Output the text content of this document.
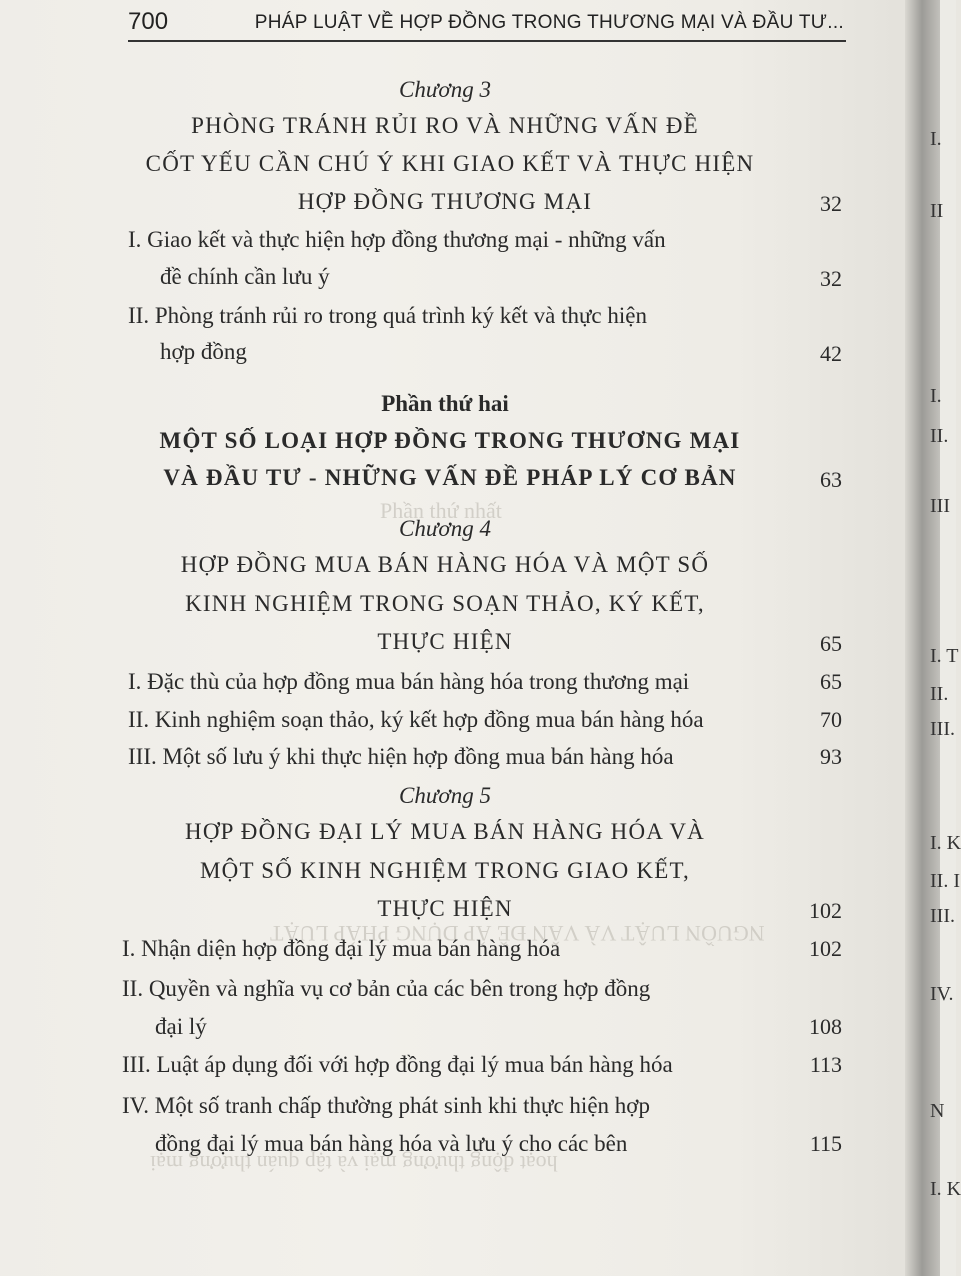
hoạt động thương mại và tập quán thương mại
NGUỒN LUẬT VÀ VẤN ĐỀ ÁP DỤNG PHÁP LUẬT
Phần thứ nhất
700	PHÁP LUẬT VỀ HỢP ĐỒNG TRONG THƯƠNG MẠI VÀ ĐẦU TƯ...
Chương 3
PHÒNG TRÁNH RỦI RO VÀ NHỮNG VẤN ĐỀ
CỐT YẾU CẦN CHÚ Ý KHI GIAO KẾT VÀ THỰC HIỆN
HỢP ĐỒNG THƯƠNG MẠI	32
I. Giao kết và thực hiện hợp đồng thương mại - những vấn
đề chính cần lưu ý	32
II. Phòng tránh rủi ro trong quá trình ký kết và thực hiện
hợp đồng	42
Phần thứ hai
MỘT SỐ LOẠI HỢP ĐỒNG TRONG THƯƠNG MẠI
VÀ ĐẦU TƯ - NHỮNG VẤN ĐỀ PHÁP LÝ CƠ BẢN	63
Chương 4
HỢP ĐỒNG MUA BÁN HÀNG HÓA VÀ MỘT SỐ
KINH NGHIỆM TRONG SOẠN THẢO, KÝ KẾT,
THỰC HIỆN	65
I. Đặc thù của hợp đồng mua bán hàng hóa trong thương mại	65
II. Kinh nghiệm soạn thảo, ký kết hợp đồng mua bán hàng hóa	70
III. Một số lưu ý khi thực hiện hợp đồng mua bán hàng hóa	93
Chương 5
HỢP ĐỒNG ĐẠI LÝ MUA BÁN HÀNG HÓA VÀ
MỘT SỐ KINH NGHIỆM TRONG GIAO KẾT,
THỰC HIỆN	102
I. Nhận diện hợp đồng đại lý mua bán hàng hóa	102
II. Quyền và nghĩa vụ cơ bản của các bên trong hợp đồng
đại lý	108
III. Luật áp dụng đối với hợp đồng đại lý mua bán hàng hóa	113
IV. Một số tranh chấp thường phát sinh khi thực hiện hợp
đồng đại lý mua bán hàng hóa và lưu ý cho các bên	115
I.
II
I.
II.
III
I. T
II.
III.
I. K
II. I
III.
IV.
N
I. K
